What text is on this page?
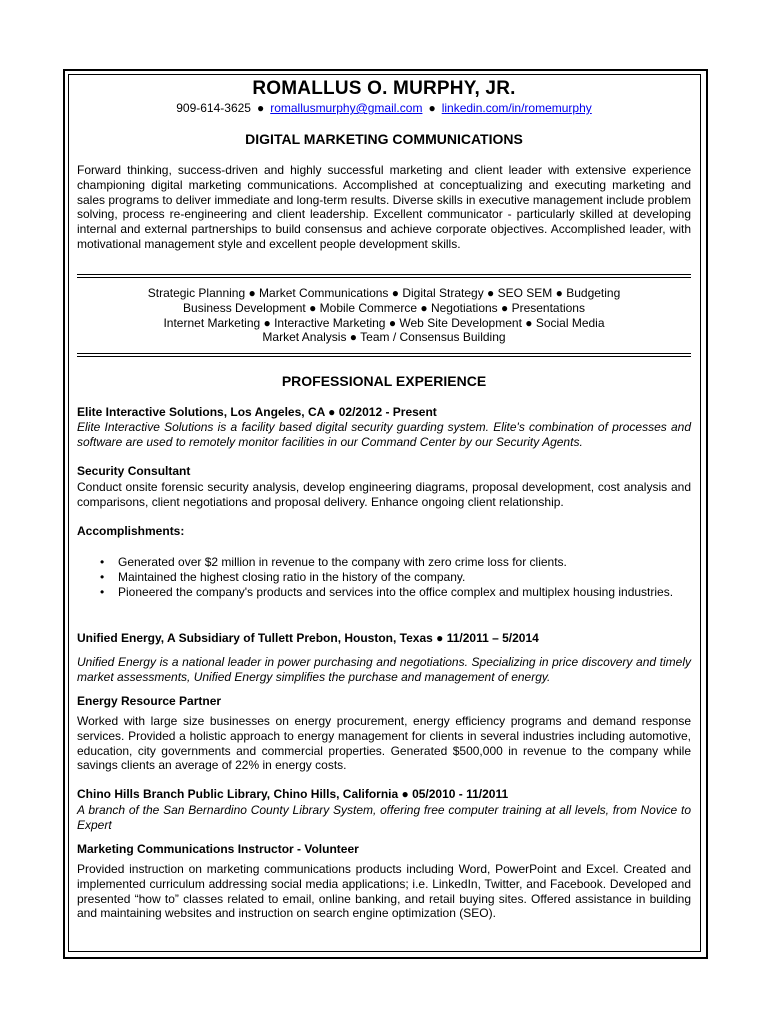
ROMALLUS O. MURPHY, JR.
909-614-3625 ● romallusmurphy@gmail.com ● linkedin.com/in/romemurphy
DIGITAL MARKETING COMMUNICATIONS
Forward thinking, success-driven and highly successful marketing and client leader with extensive experience championing digital marketing communications. Accomplished at conceptualizing and executing marketing and sales programs to deliver immediate and long-term results. Diverse skills in executive management include problem solving, process re-engineering and client leadership. Excellent communicator - particularly skilled at developing internal and external partnerships to build consensus and achieve corporate objectives. Accomplished leader, with motivational management style and excellent people development skills.
Strategic Planning ● Market Communications ● Digital Strategy ● SEO SEM ● Budgeting
Business Development ● Mobile Commerce ● Negotiations ● Presentations
Internet Marketing ● Interactive Marketing ● Web Site Development ● Social Media
Market Analysis ● Team / Consensus Building
PROFESSIONAL EXPERIENCE
Elite Interactive Solutions, Los Angeles, CA ● 02/2012 - Present
Elite Interactive Solutions is a facility based digital security guarding system. Elite's combination of processes and software are used to remotely monitor facilities in our Command Center by our Security Agents.
Security Consultant
Conduct onsite forensic security analysis, develop engineering diagrams, proposal development, cost analysis and comparisons, client negotiations and proposal delivery. Enhance ongoing client relationship.
Accomplishments:
• Generated over $2 million in revenue to the company with zero crime loss for clients.
• Maintained the highest closing ratio in the history of the company.
• Pioneered the company's products and services into the office complex and multiplex housing industries.
Unified Energy, A Subsidiary of Tullett Prebon, Houston, Texas ● 11/2011 – 5/2014
Unified Energy is a national leader in power purchasing and negotiations. Specializing in price discovery and timely market assessments, Unified Energy simplifies the purchase and management of energy.
Energy Resource Partner
Worked with large size businesses on energy procurement, energy efficiency programs and demand response services. Provided a holistic approach to energy management for clients in several industries including automotive, education, city governments and commercial properties. Generated $500,000 in revenue to the company while savings clients an average of 22% in energy costs.
Chino Hills Branch Public Library, Chino Hills, California ● 05/2010 - 11/2011
A branch of the San Bernardino County Library System, offering free computer training at all levels, from Novice to Expert
Marketing Communications Instructor - Volunteer
Provided instruction on marketing communications products including Word, PowerPoint and Excel. Created and implemented curriculum addressing social media applications; i.e. LinkedIn, Twitter, and Facebook. Developed and presented “how to” classes related to email, online banking, and retail buying sites. Offered assistance in building and maintaining websites and instruction on search engine optimization (SEO).
